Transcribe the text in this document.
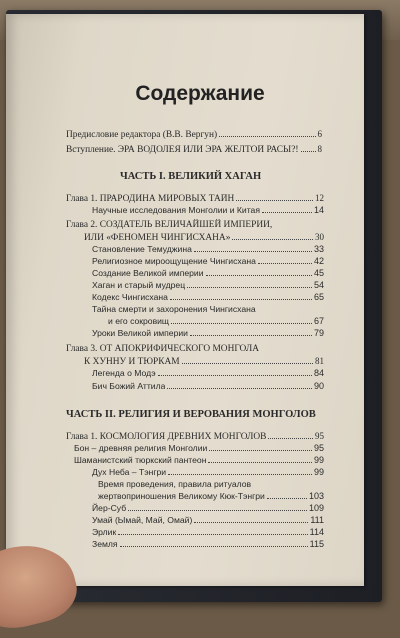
Содержание
Предисловие редактора (В.В. Вергун)	6
Вступление. ЭРА ВОДОЛЕЯ ИЛИ ЭРА ЖЕЛТОЙ РАСЫ?! 8
ЧАСТЬ I. ВЕЛИКИЙ ХАГАН
Глава 1. ПРАРОДИНА МИРОВЫХ ТАЙН	12
Научные исследования Монголии и Китая	14
Глава 2. СОЗДАТЕЛЬ ВЕЛИЧАЙШЕЙ ИМПЕРИИ,
ИЛИ «ФЕНОМЕН ЧИНГИСХАНА»	30
Становление Темуджина	33
Религиозное мироощущение Чингисхана	42
Создание Великой империи	45
Хаган и старый мудрец	54
Кодекс Чингисхана	65
Тайна смерти и захоронения Чингисхана
и его сокровищ	67
Уроки Великой империи	79
Глава 3. ОТ АПОКРИФИЧЕСКОГО МОНГОЛА
К ХУННУ И ТЮРКАМ	81
Легенда о Модэ	84
Бич Божий Аттила	90
ЧАСТЬ II. РЕЛИГИЯ И ВЕРОВАНИЯ МОНГОЛОВ
Глава 1. КОСМОЛОГИЯ ДРЕВНИХ МОНГОЛОВ	95
Бон – древняя религия Монголии	95
Шаманистский тюркский пантеон	99
Дух Неба – Тэнгри	99
Время проведения, правила ритуалов
жертвоприношения Великому Кюк-Тэнгри	103
Йер-Суб	109
Умай (Ымай, Май, Омай)	111
Эрлик	114
Земля	115
